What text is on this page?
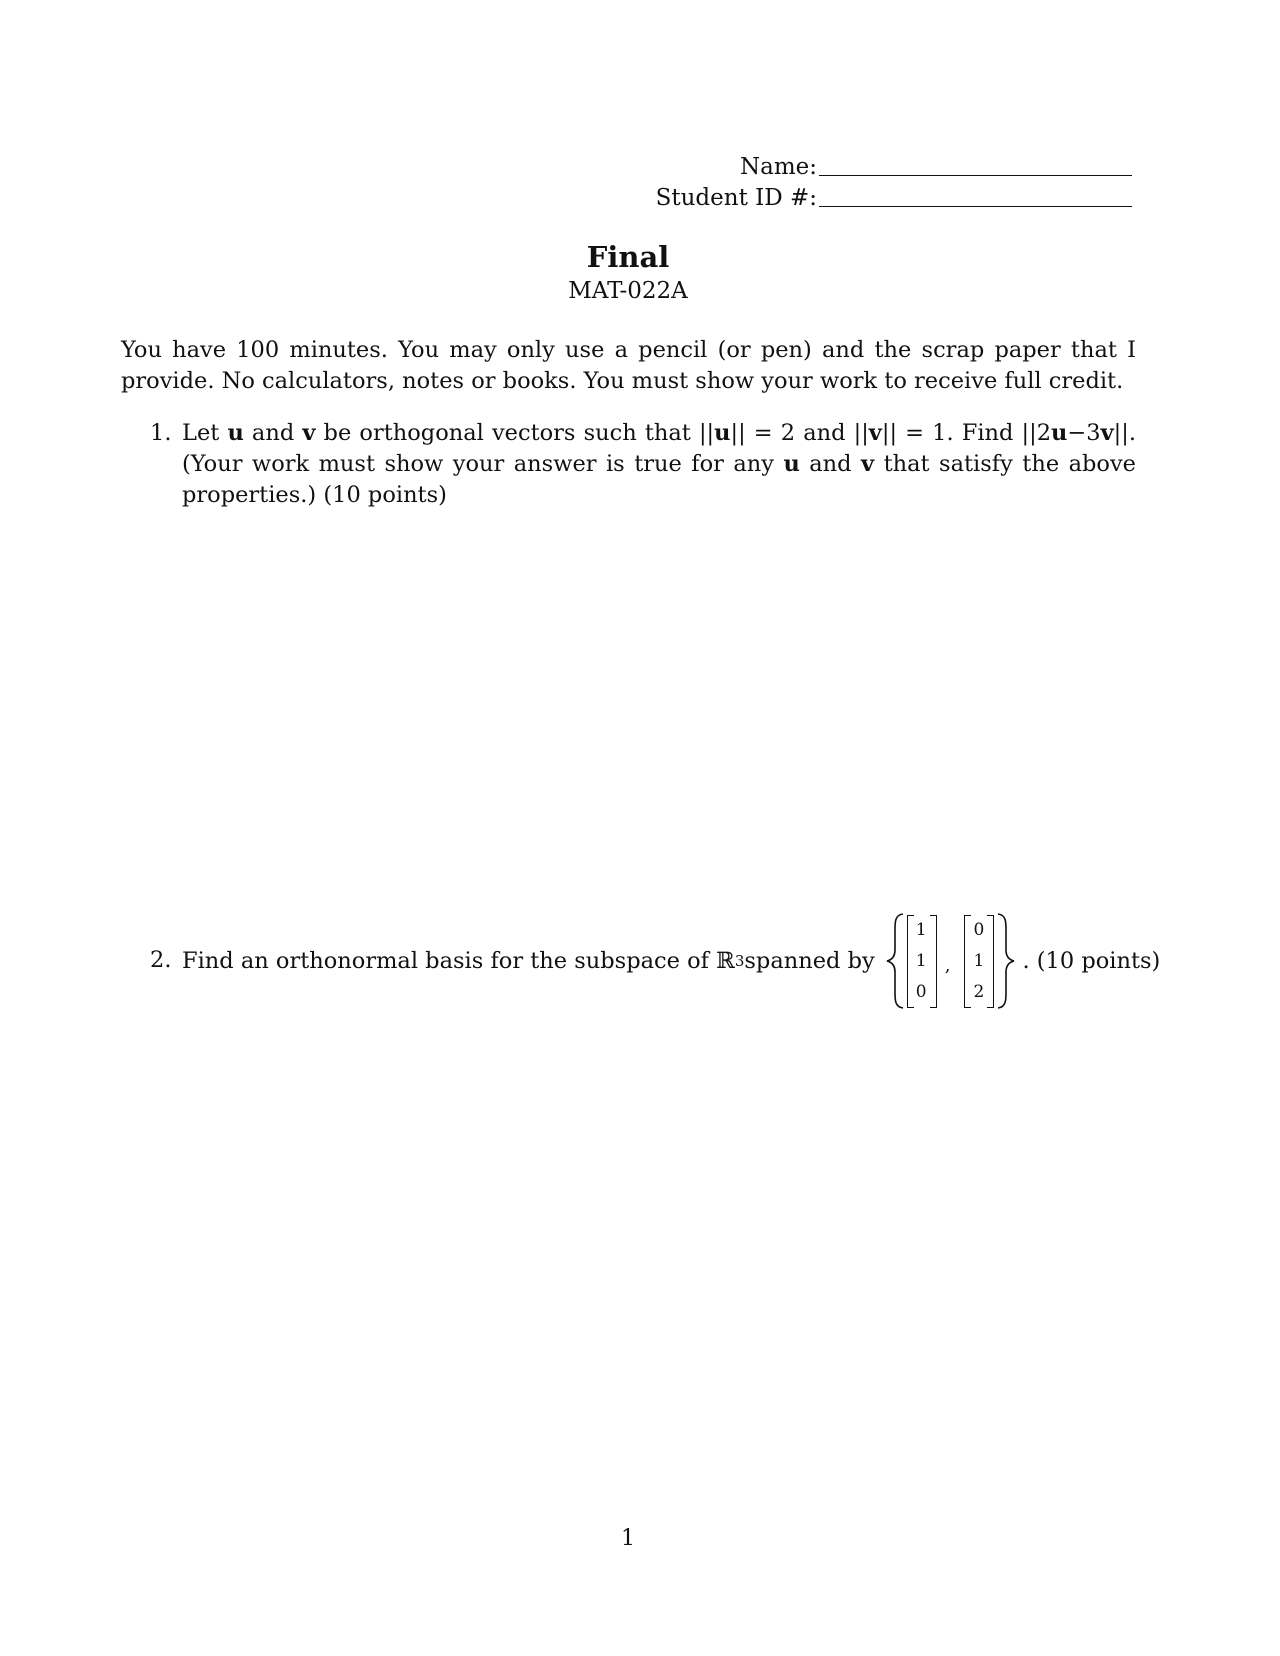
Name:
Student ID #:
Final
MAT-022A
You have 100 minutes. You may only use a pencil (or pen) and the scrap paper that I provide. No calculators, notes or books. You must show your work to receive full credit.
1. Let u and v be orthogonal vectors such that ||u|| = 2 and ||v|| = 1. Find ||2u−3v||. (Your work must show your answer is true for any u and v that satisfy the above properties.) (10 points)
2. Find an orthonormal basis for the subspace of ℝ 3 spanned by
1
1
0
,
0
1
2
. (10 points)
1
